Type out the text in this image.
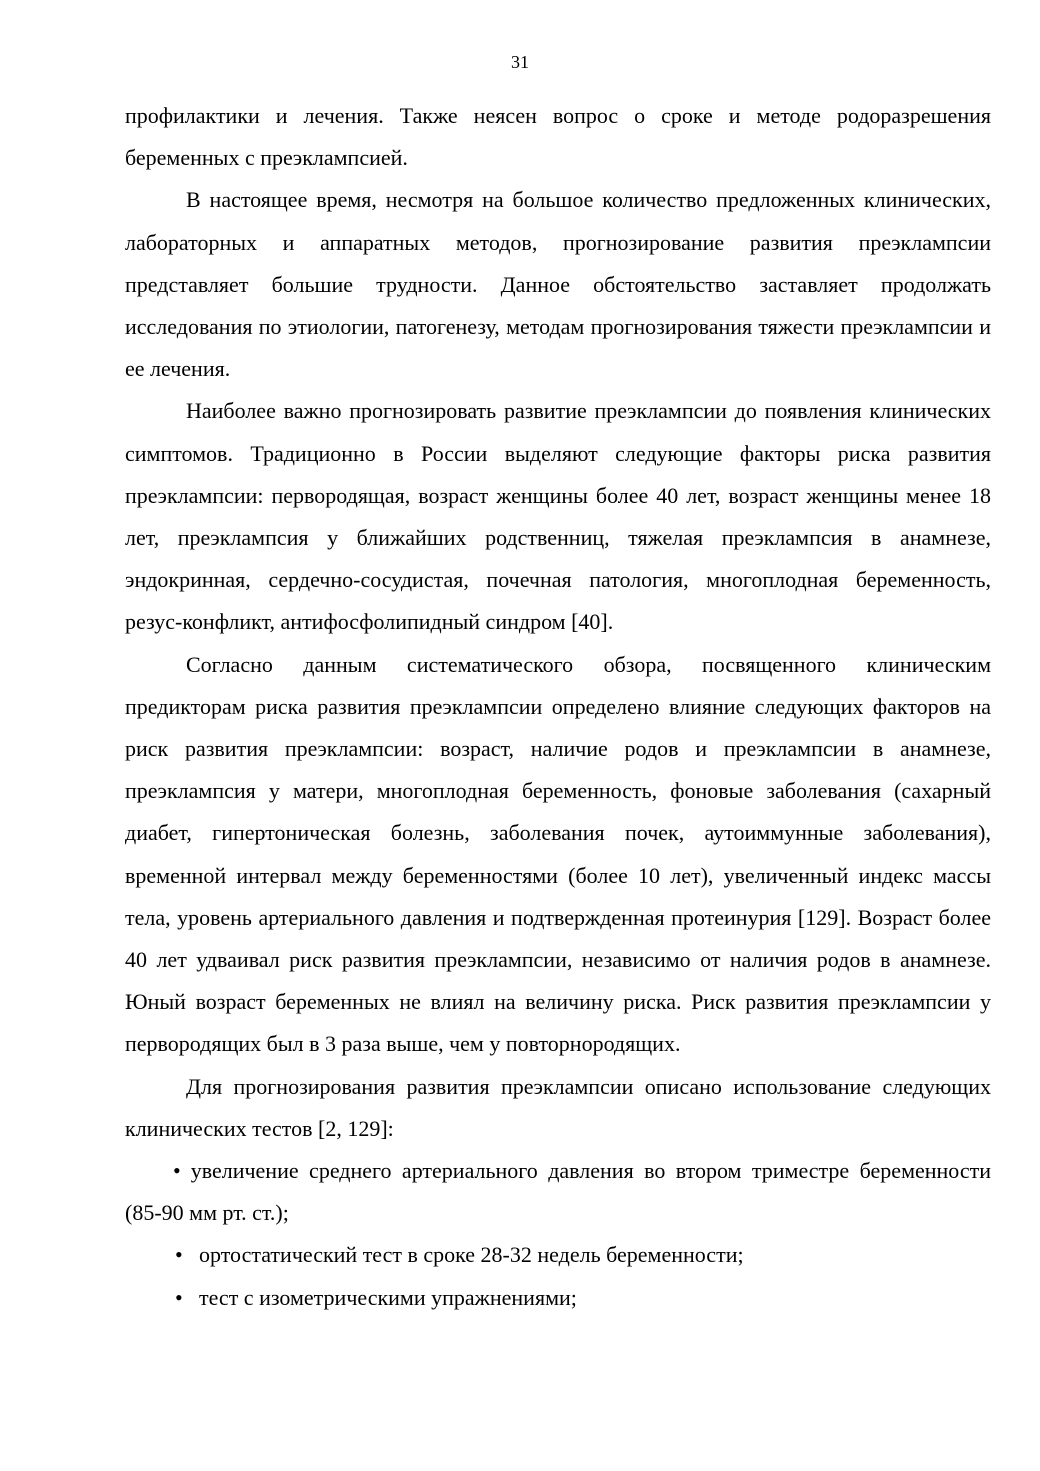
31

профилактики и лечения. Также неясен вопрос о сроке и методе родоразрешения беременных с преэклампсией.

В настоящее время, несмотря на большое количество предложенных клинических, лабораторных и аппаратных методов, прогнозирование развития преэклампсии представляет большие трудности. Данное обстоятельство заставляет продолжать исследования по этиологии, патогенезу, методам прогнозирования тяжести преэклампсии и ее лечения.

Наиболее важно прогнозировать развитие преэклампсии до появления клинических симптомов. Традиционно в России выделяют следующие факторы риска развития преэклампсии: первородящая, возраст женщины более 40 лет, возраст женщины менее 18 лет, преэклампсия у ближайших родственниц, тяжелая преэклампсия в анамнезе, эндокринная, сердечно-сосудистая, почечная патология, многоплодная беременность, резус-конфликт, антифосфолипидный синдром [40].

Согласно данным систематического обзора, посвященного клиническим предикторам риска развития преэклампсии определено влияние следующих факторов на риск развития преэклампсии: возраст, наличие родов и преэклампсии в анамнезе, преэклампсия у матери, многоплодная беременность, фоновые заболевания (сахарный диабет, гипертоническая болезнь, заболевания почек, аутоиммунные заболевания), временной интервал между беременностями (более 10 лет), увеличенный индекс массы тела, уровень артериального давления и подтвержденная протеинурия [129]. Возраст более 40 лет удваивал риск развития преэклампсии, независимо от наличия родов в анамнезе. Юный возраст беременных не влиял на величину риска. Риск развития преэклампсии у первородящих был в 3 раза выше, чем у повторнородящих.

Для прогнозирования развития преэклампсии описано использование следующих клинических тестов [2, 129]:

• увеличение среднего артериального давления во втором триместре беременности (85-90 мм рт. ст.);

• ортостатический тест в сроке 28-32 недель беременности;

• тест с изометрическими упражнениями;
